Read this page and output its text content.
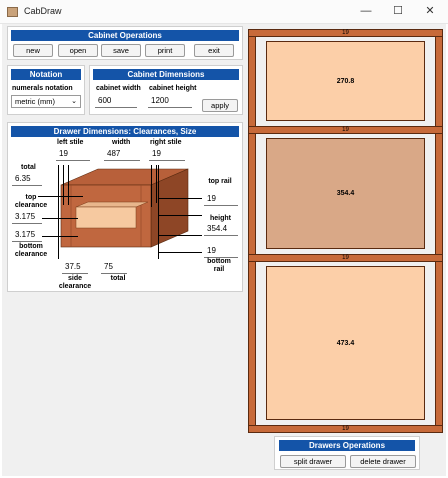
CabDraw	— ☐	✕
Cabinet Operations
new	open	save	print	exit
Notation
numerals notation
metric (mm) ⌄
Cabinet Dimensions
cabinet width
600
cabinet height
1200
apply
Drawer Dimensions: Clearances, Size
left stile
19
width
487
right stile
19
total
6.35
top clearance
3.175
3.175
bottom clearance
top rail
19
height
354.4
19
bottom rail
37.5
side clearance
75
total
19
19
19
19
270.8
354.4
473.4
Drawers Operations
split drawer	delete drawer
